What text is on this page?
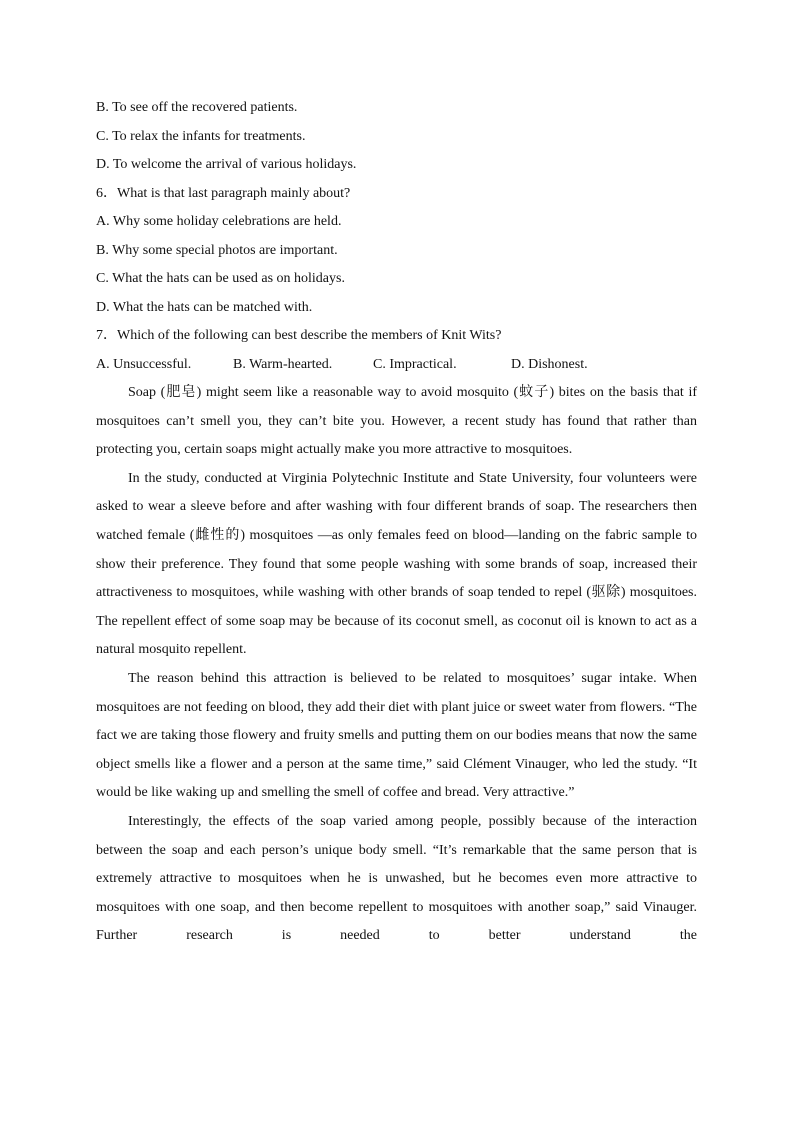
B. To see off the recovered patients.

C. To relax the infants for treatments.

D. To welcome the arrival of various holidays.

6．What is that last paragraph mainly about?

A. Why some holiday celebrations are held.

B. Why some special photos are important.

C. What the hats can be used as on holidays.

D. What the hats can be matched with.

7．Which of the following can best describe the members of Knit Wits?

A. Unsuccessful.	B. Warm-hearted.	C. Impractical.	D. Dishonest.

Soap (肥皂) might seem like a reasonable way to avoid mosquito (蚊子) bites on the basis that if mosquitoes can’t smell you, they can’t bite you. However, a recent study has found that rather than protecting you, certain soaps might actually make you more attractive to mosquitoes.

In the study, conducted at Virginia Polytechnic Institute and State University, four volunteers were asked to wear a sleeve before and after washing with four different brands of soap. The researchers then watched female (雌性的) mosquitoes —as only females feed on blood—landing on the fabric sample to show their preference. They found that some people washing with some brands of soap, increased their attractiveness to mosquitoes, while washing with other brands of soap tended to repel (驱除) mosquitoes. The repellent effect of some soap may be because of its coconut smell, as coconut oil is known to act as a natural mosquito repellent.

The reason behind this attraction is believed to be related to mosquitoes’ sugar intake. When mosquitoes are not feeding on blood, they add their diet with plant juice or sweet water from flowers. “The fact we are taking those flowery and fruity smells and putting them on our bodies means that now the same object smells like a flower and a person at the same time,” said Clément Vinauger, who led the study. “It would be like waking up and smelling the smell of coffee and bread. Very attractive.”

Interestingly, the effects of the soap varied among people, possibly because of the interaction between the soap and each person’s unique body smell. “It’s remarkable that the same person that is extremely attractive to mosquitoes when he is unwashed, but he becomes even more attractive to mosquitoes with one soap, and then become repellent to mosquitoes with another soap,” said Vinauger. Further research is needed to better understand the
